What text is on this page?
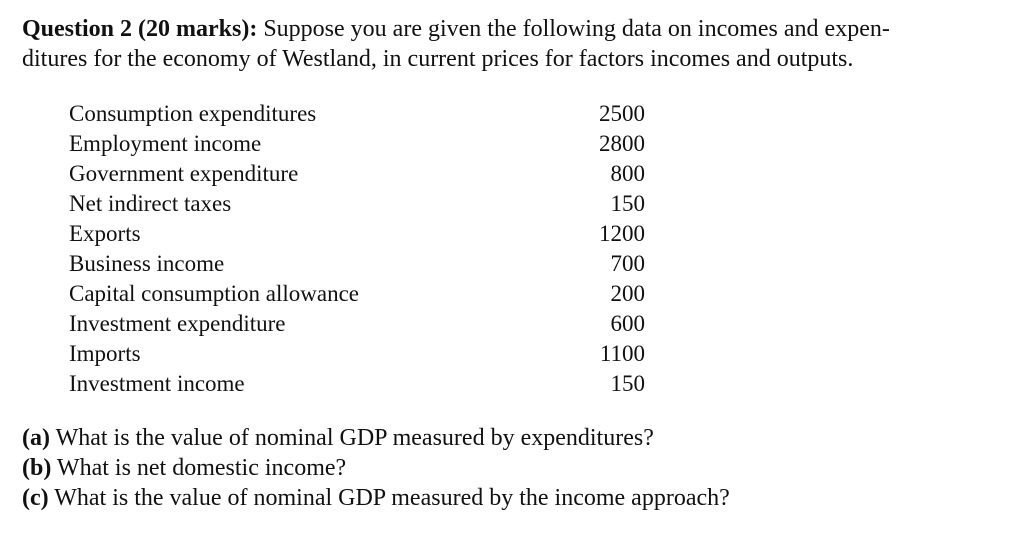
Question 2 (20 marks): Suppose you are given the following data on incomes and expen-
ditures for the economy of Westland, in current prices for factors incomes and outputs.

Consumption expenditures	2500
Employment income	2800
Government expenditure	800
Net indirect taxes	150
Exports	1200
Business income	700
Capital consumption allowance	200
Investment expenditure	600
Imports	1100
Investment income	150
(a) What is the value of nominal GDP measured by expenditures?
(b) What is net domestic income?
(c) What is the value of nominal GDP measured by the income approach?
